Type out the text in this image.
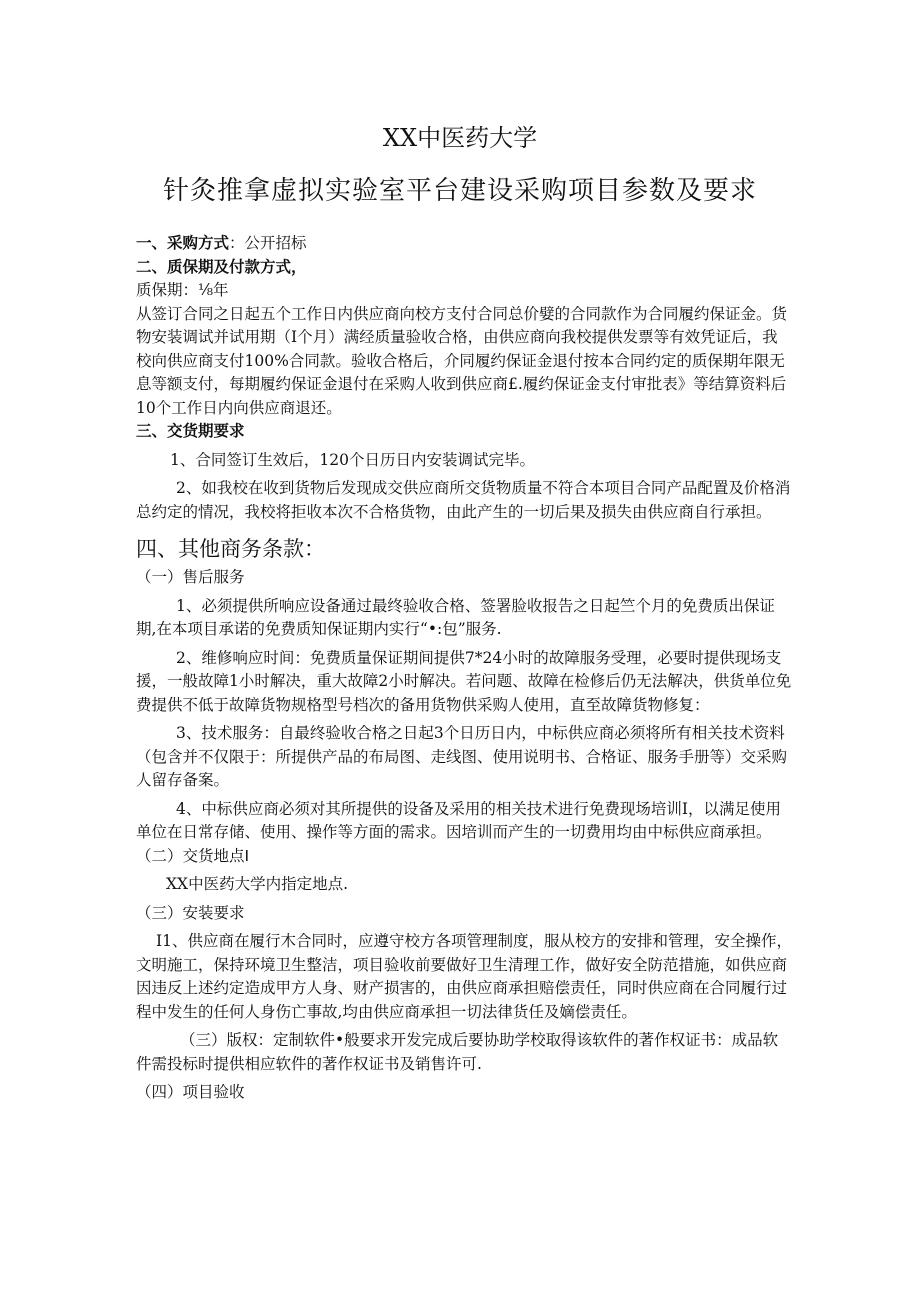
XX中医药大学
针灸推拿虚拟实验室平台建设采购项目参数及要求

一、采购方式：公开招标

二、质保期及付款方式，

质保期：⅛年

从签订合同之日起五个工作日内供应商向校方支付合同总价嬖的合同款作为合同履约保证金。货物安装调试并试用期（I个月）满经质量验收合格，由供应商向我校提供发票等有效凭证后，我校向供应商支付100%合同款。验收合格后，介同履约保证金退付按本合同约定的质保期年限无息等额支付，每期履约保证金退付在采购人收到供应商£.履约保证金支付审批表》等结算资料后10个工作日内向供应商退还。

三、交货期要求

1、合同签订生效后，120个日历日内安装调试完毕。

2、如我校在收到货物后发现成交供应商所交货物质量不符合本项目合同产品配置及价格消总约定的情况，我校将拒收本次不合格货物，由此产生的一切后果及损失由供应商自行承担。

四、其他商务条款：

（一）售后服务

1、必须提供所响应设备通过最终验收合格、签署脸收报告之日起竺个月的免费质出保证期,在本项目承诺的免费质知保证期内实行“•:包”服务.

2、维修响应时间：免费质量保证期间提供7*24小时的故障服务受理，必要时提供现场支援，一般故障1小时解决，重大故障2小时解决。若问题、故障在检修后仍无法解决，供货单位免费提供不低于故障货物规格型号档次的备用货物供采购人使用，直至故障货物修复：

3、技术服务：自最终验收合格之日起3个日历日内，中标供应商必须将所有相关技术资料（包含并不仅限于：所提供产品的布局图、走线图、使用说明书、合格证、服务手册等）交采购人留存备案。

4、中标供应商必须对其所提供的设备及采用的相关技术进行免费现场培训I，以满足使用单位在日常存储、使用、操作等方面的需求。因培训而产生的一切费用均由中标供应商承担。

（二）交货地点I

XX中医药大学内指定地点.

（三）安装要求

I1、供应商在履行木合同时，应遵守校方各项管理制度，服从校方的安排和管理，安全操作，文明施工，保持环境卫生整洁，项目验收前要做好卫生清理工作，做好安全防范措施，如供应商因违反上述约定造成甲方人身、财产损害的，由供应商承担赔偿责任，同时供应商在合同履行过程中发生的任何人身伤亡事故,均由供应商承担一切法律货任及嫡偿责任。

（三）版权：定制软件•般要求开发完成后要协助学校取得该软件的著作权证书：成品软件需投标时提供相应软件的著作权证书及销售许可.

（四）项目验收
